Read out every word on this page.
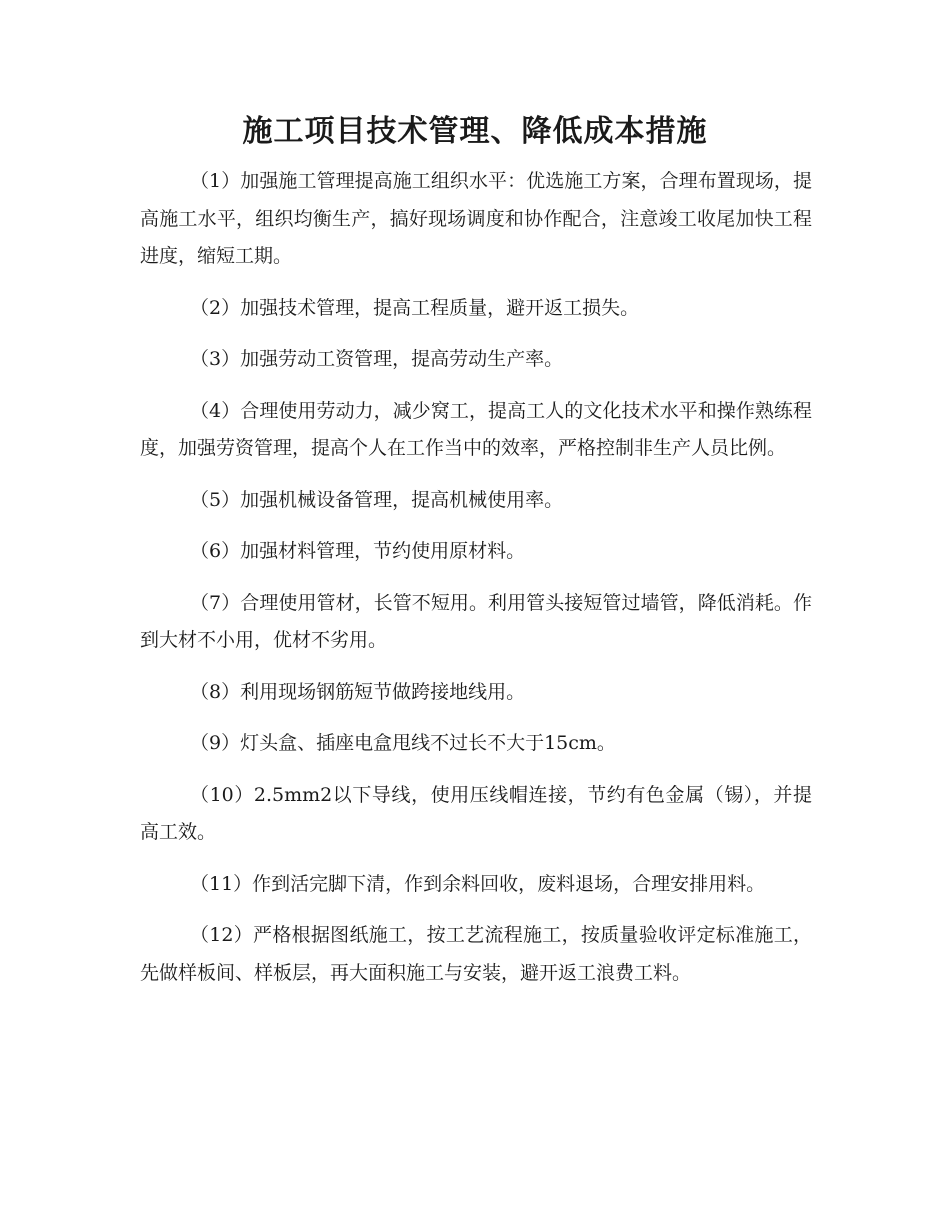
施工项目技术管理、降低成本措施

（1）加强施工管理提高施工组织水平：优选施工方案，合理布置现场，提高施工水平，组织均衡生产，搞好现场调度和协作配合，注意竣工收尾加快工程进度，缩短工期。

（2）加强技术管理，提高工程质量，避开返工损失。

（3）加强劳动工资管理，提高劳动生产率。

（4）合理使用劳动力，减少窝工，提高工人的文化技术水平和操作熟练程度，加强劳资管理，提高个人在工作当中的效率，严格控制非生产人员比例。

（5）加强机械设备管理，提高机械使用率。

（6）加强材料管理，节约使用原材料。

（7）合理使用管材，长管不短用。利用管头接短管过墙管，降低消耗。作到大材不小用，优材不劣用。

（8）利用现场钢筋短节做跨接地线用。

（9）灯头盒、插座电盒甩线不过长不大于15cm。

（10）2.5mm2以下导线，使用压线帽连接，节约有色金属（锡），并提高工效。

（11）作到活完脚下清，作到余料回收，废料退场，合理安排用料。

（12）严格根据图纸施工，按工艺流程施工，按质量验收评定标准施工，先做样板间、样板层，再大面积施工与安装，避开返工浪费工料。
